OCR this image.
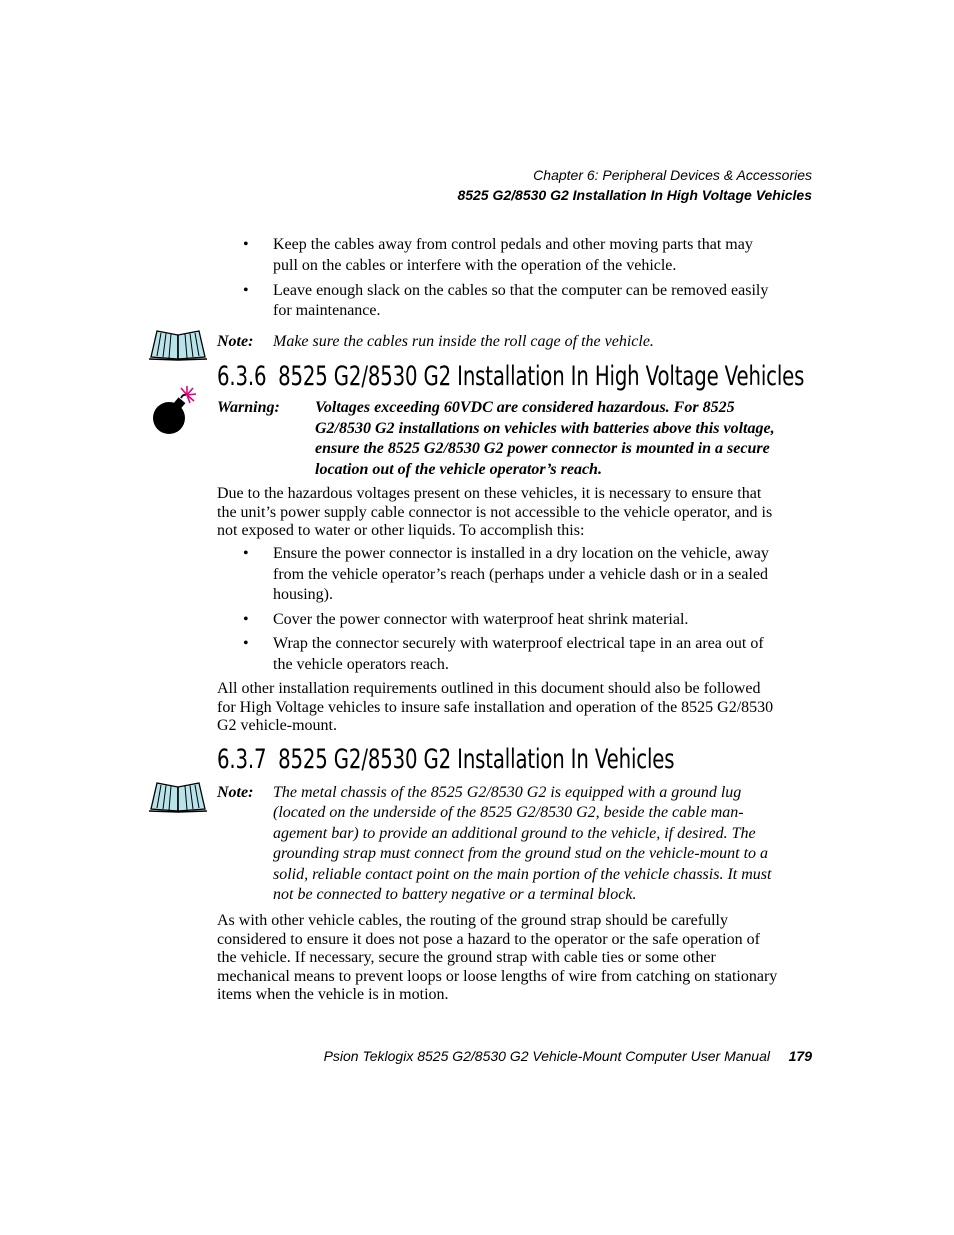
Chapter 6: Peripheral Devices & Accessories
8525 G2/8530 G2 Installation In High Voltage Vehicles
• Keep the cables away from control pedals and other moving parts that may pull on the cables or interfere with the operation of the vehicle.
• Leave enough slack on the cables so that the computer can be removed easily for maintenance.
Note: Make sure the cables run inside the roll cage of the vehicle.
6.3.6 8525 G2/8530 G2 Installation In High Voltage Vehicles
Warning: Voltages exceeding 60VDC are considered hazardous. For 8525 G2/8530 G2 installations on vehicles with batteries above this voltage, ensure the 8525 G2/8530 G2 power connector is mounted in a secure location out of the vehicle operator’s reach.
Due to the hazardous voltages present on these vehicles, it is necessary to ensure that the unit’s power supply cable connector is not accessible to the vehicle operator, and is not exposed to water or other liquids. To accomplish this:
• Ensure the power connector is installed in a dry location on the vehicle, away from the vehicle operator’s reach (perhaps under a vehicle dash or in a sealed housing).
• Cover the power connector with waterproof heat shrink material.
• Wrap the connector securely with waterproof electrical tape in an area out of the vehicle operators reach.
All other installation requirements outlined in this document should also be followed for High Voltage vehicles to insure safe installation and operation of the 8525 G2/8530 G2 vehicle-mount.
6.3.7 8525 G2/8530 G2 Installation In Vehicles
Note: The metal chassis of the 8525 G2/8530 G2 is equipped with a ground lug (located on the underside of the 8525 G2/8530 G2, beside the cable man-agement bar) to provide an additional ground to the vehicle, if desired. The grounding strap must connect from the ground stud on the vehicle-mount to a solid, reliable contact point on the main portion of the vehicle chassis. It must not be connected to battery negative or a terminal block.
As with other vehicle cables, the routing of the ground strap should be carefully considered to ensure it does not pose a hazard to the operator or the safe operation of the vehicle. If necessary, secure the ground strap with cable ties or some other mechanical means to prevent loops or loose lengths of wire from catching on stationary items when the vehicle is in motion.
Psion Teklogix 8525 G2/8530 G2 Vehicle-Mount Computer User Manual 179
